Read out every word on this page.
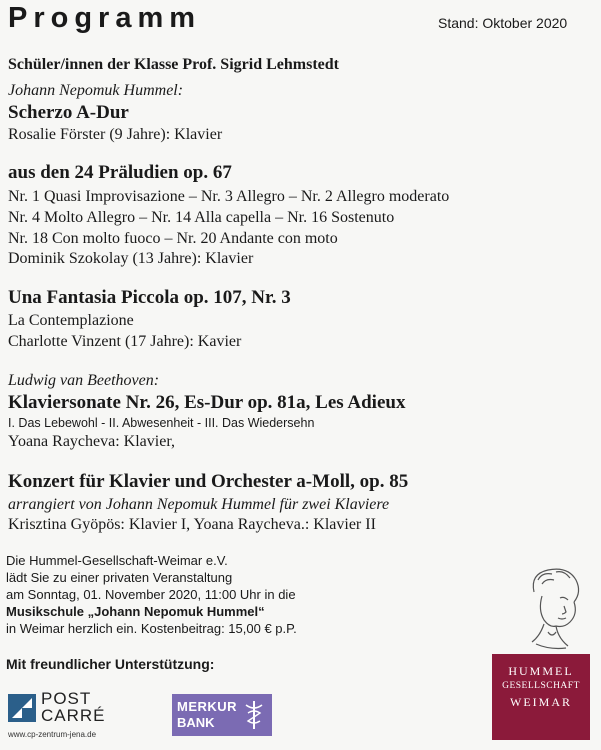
Programm	Stand: Oktober 2020
Schüler/innen der Klasse Prof. Sigrid Lehmstedt
Johann Nepomuk Hummel:
Scherzo A-Dur
Rosalie Förster (9 Jahre): Klavier
aus den 24 Präludien op. 67
Nr. 1 Quasi Improvisazione – Nr. 3 Allegro – Nr. 2 Allegro moderato
Nr. 4 Molto Allegro – Nr. 14 Alla capella – Nr. 16 Sostenuto
Nr. 18 Con molto fuoco – Nr. 20 Andante con moto
Dominik Szokolay (13 Jahre): Klavier
Una Fantasia Piccola op. 107, Nr. 3
La Contemplazione
Charlotte Vinzent (17 Jahre): Kavier
Ludwig van Beethoven:
Klaviersonate Nr. 26, Es-Dur op. 81a, Les Adieux
I. Das Lebewohl - II. Abwesenheit - III. Das Wiedersehn
Yoana Raycheva: Klavier,
Konzert für Klavier und Orchester a-Moll, op. 85
arrangiert von Johann Nepomuk Hummel für zwei Klaviere
Krisztina Gyöpös: Klavier I, Yoana Raycheva.: Klavier II
Die Hummel-Gesellschaft-Weimar e.V.
lädt Sie zu einer privaten Veranstaltung
am Sonntag, 01. November 2020, 11:00 Uhr in die
Musikschule „Johann Nepomuk Hummel“
in Weimar herzlich ein. Kostenbeitrag: 15,00 € p.P.
Mit freundlicher Unterstützung:
POST
CARRÉ
www.cp-zentrum-jena.de
MERKUR
BANK
HUMMEL
GESELLSCHAFT
WEIMAR
